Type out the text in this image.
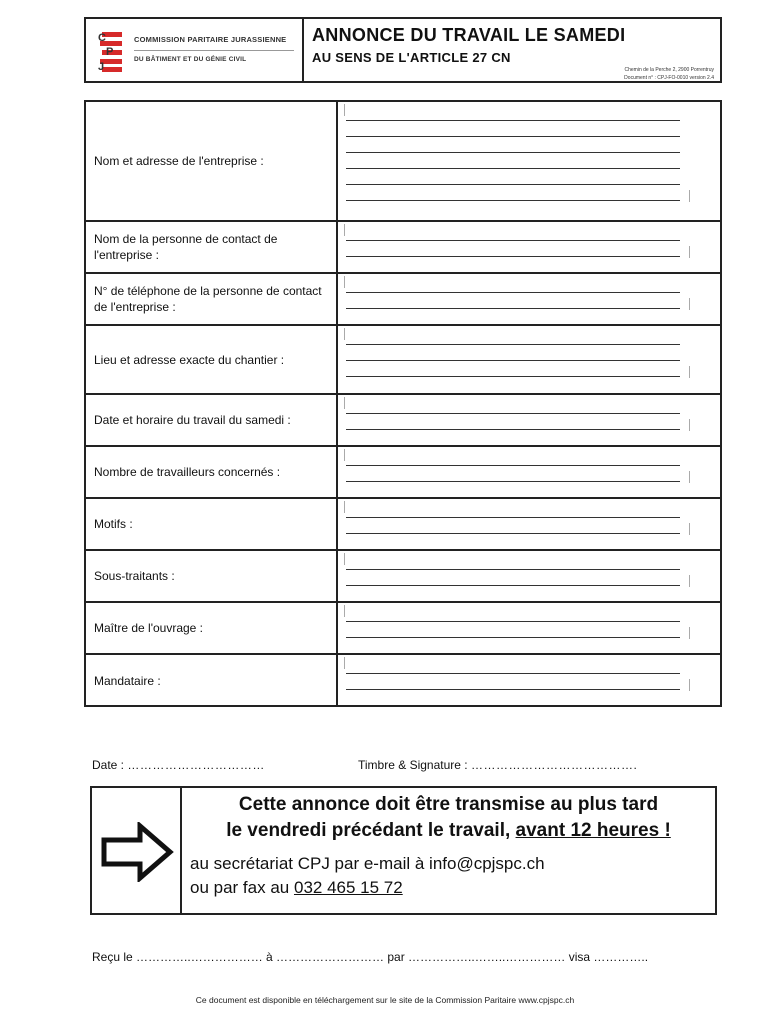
C
P
J
COMMISSION PARITAIRE JURASSIENNE
DU BÂTIMENT ET DU GÉNIE CIVIL
ANNONCE DU TRAVAIL LE SAMEDI
AU SENS DE L'ARTICLE 27 CN
Chemin de la Perche 2, 2900 Porrentruy
Document n° : CPJ-FO-0010 version 2.4
Nom et adresse de l'entreprise :
Nom de la personne de contact de l'entreprise :
N° de téléphone de la personne de contact de l'entreprise :
Lieu et adresse exacte du chantier :
Date et horaire du travail du samedi :
Nombre de travailleurs concernés :
Motifs :
Sous-traitants :
Maître de l'ouvrage :
Mandataire :
Date : ……………………………	Timbre & Signature : ………………………………….
Cette annonce doit être transmise au plus tard
le vendredi précédant le travail, avant 12 heures !
au secrétariat CPJ par e-mail à info@cpjspc.ch
ou par fax au 032 465 15 72
Reçu le …………..……………… à ……………………… par ……………..……..…………… visa …………..
Ce document est disponible en téléchargement sur le site de la Commission Paritaire www.cpjspc.ch
